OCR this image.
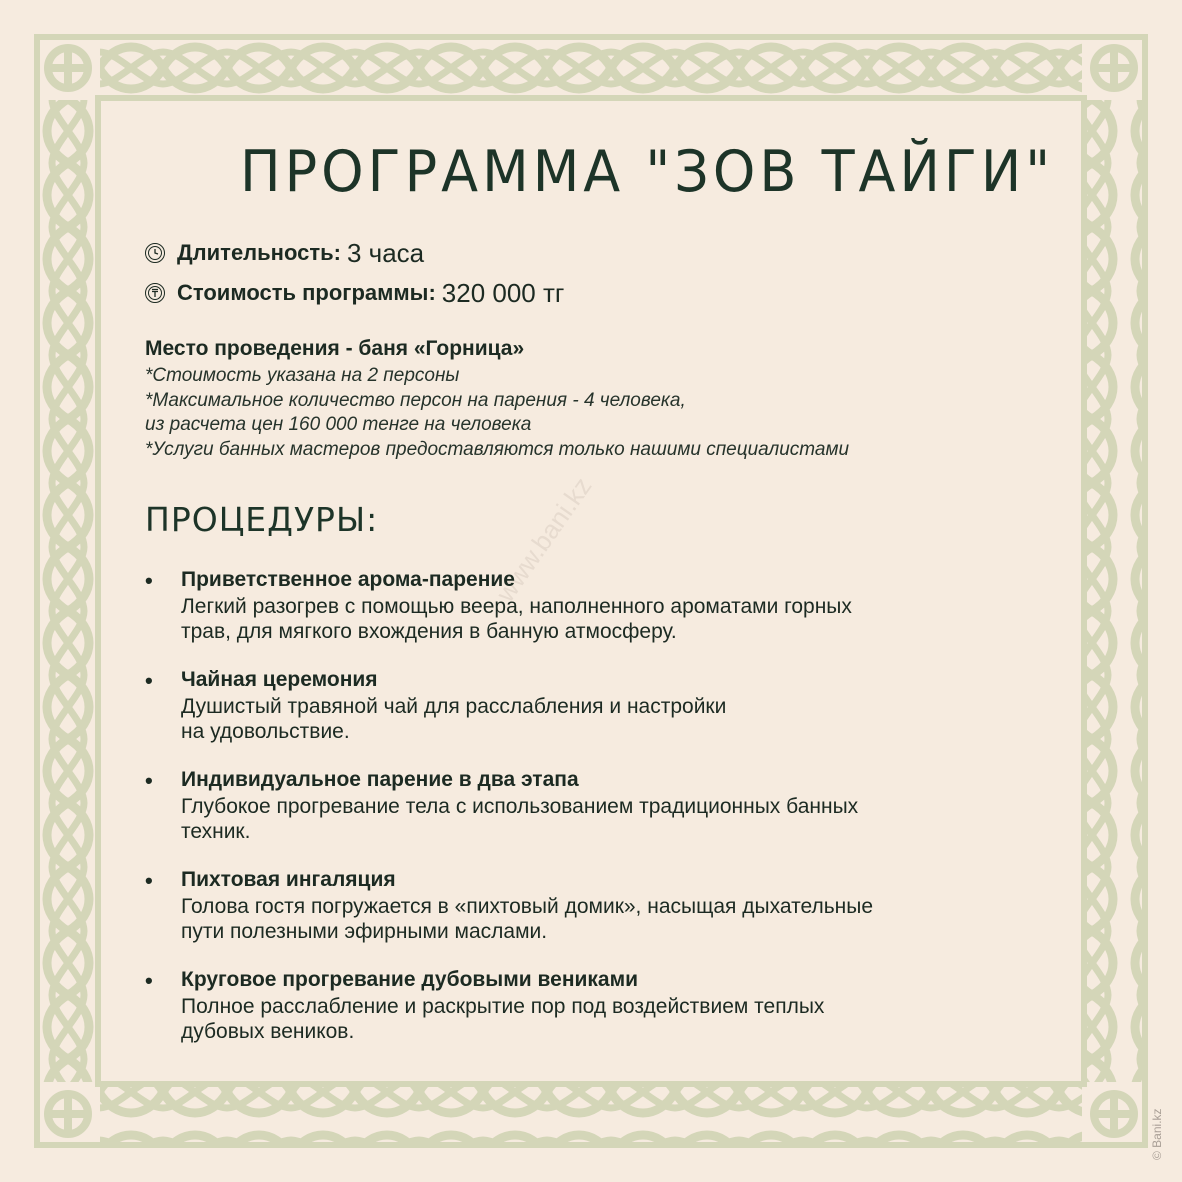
www.bani.kz
ПРОГРАММА "ЗОВ ТАЙГИ"
Длительность: 3 часа
Стоимость программы: 320 000 тг
Место проведения - баня «Горница»
*Стоимость указана на 2 персоны
*Максимальное количество персон на парения - 4 человека,
из расчета цен 160 000 тенге на человека
*Услуги банных мастеров предоставляются только нашими специалистами
ПРОЦЕДУРЫ:
• Приветственное арома-парение
Легкий разогрев с помощью веера, наполненного ароматами горных
трав, для мягкого вхождения в банную атмосферу.
• Чайная церемония
Душистый травяной чай для расслабления и настройки
на удовольствие.
• Индивидуальное парение в два этапа
Глубокое прогревание тела с использованием традиционных банных
техник.
• Пихтовая ингаляция
Голова гостя погружается в «пихтовый домик», насыщая дыхательные
пути полезными эфирными маслами.
• Круговое прогревание дубовыми вениками
Полное расслабление и раскрытие пор под воздействием теплых
дубовых веников.
© Bani.kz
